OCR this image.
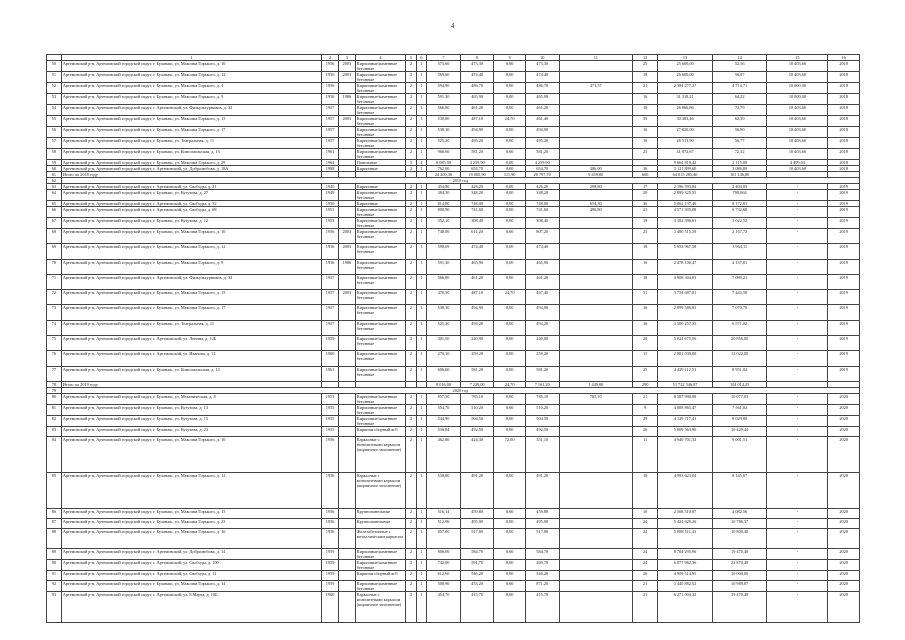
4
	1	2	3	4	5	6	7	8	9	10	11	12	13	14	15	16
50	Артемовский р-н, Артемовский городской округ, г. Буланаш, ул. Максима Горького, д. 10	1956	2003	Кирпичные/каменные бетонные	2	1	575,60	473,30	0,00	473,30		25	25 600,00	52,56	10 403,60	2018
51	Артемовский р-н, Артемовский городской округ, г. Буланаш, ул. Максима Горького, д. 12	1956	2003	Кирпичные/каменные бетонные	2	1	569,60	474,40	0,00	474,40		18	26 600,00	56,07	10 403,60	2018
52	Артемовский р-н, Артемовский городской округ, г. Буланаш, ул. Максима Горького, д. 4	1956		Кирпичные/каменные бетонные	2	1	594,90	486,70	0,00	486,70	471,57	21	2 384 277,27	4 714,71	10 000,00	2018
53	Артемовский р-н, Артемовский городской округ, г. Буланаш, ул. Максима Горького, д. 9	1956	1986	Кирпичные/каменные бетонные	2	1	591,30	465,90	0,00	465,90		16	31 318,21	64,22	10 000,00	2018
54	Артемовский р-н, Артемовский городской округ, г. Артемовский, ул. Физкультурников, д. 32	1957		Кирпичные/каменные бетонные	2	1	566,80	461,20	0,00	461,20		18	26 866,86	72,79	10 403,60	2018
55	Артемовский р-н, Артемовский городской округ, г. Буланаш, ул. Максима Горького, д. 15	1957	2003	Кирпичные/каменные бетонные	2	1	530,00	487,10	24,70	461,40		35	30 383,46	62,39	10 403,60	2018
56	Артемовский р-н, Артемовский городской округ, г. Буланаш, ул. Максима Горького, д. 17	1957		Кирпичные/каменные бетонные	2	1	538,10	494,90	0,00	494,90		16	27 820,00	56,90	10 403,60	2018
57	Артемовский р-н, Артемовский городской округ, г. Буланаш, ул. Театральная, д. 11	1957		Кирпичные/каменные бетонные	2	1	525,20	495,20	0,00	495,20		16	26 513,90	56,77	10 403,60	2018
58	Артемовский р-н, Артемовский городской округ, г. Буланаш, ул. Комсомольская, д. 13	1961		Кирпичные/каменные бетонные	2	1	966,60	581,20	0,00	581,20		25	41 872,67	72,32	10 403,60	2018
59	Артемовский р-н, Артемовский городской округ, г. Буланаш, ул. Максима Горького, д. 29	1964		Панельные	5	4	6 085,90	4 259,90	0,00	4 259,90			9 664 818,42	2 115,00	4 499,04	2018
60	Артемовский р-н, Артемовский городской округ, г. Артемовский, ул. Добролюбова, д. 18А	1988		Кирпичные	2	1	762,00	654,70	0,00	654,70	386,00	36	3 121 899,60	3 086,09	10 403,60	2018
61	Итого по 2018 году						24 200,30	19 000,90	111,90	20 797,70	9 459,00	606	64 015 285,40	101 146,00		
62	2019 год															
63	Артемовский р-н, Артемовский городской округ, г. Артемовский, ул. Свободы, д. 21	1945		Кирпичные	2	1	454,80	426,20	0,00	426,20	298,80	17	2 196 593,84	2 404,05	-	2019
64	Артемовский р-н, Артемовский городской округ, г. Буланаш, ул. Кутузова, д. 27	1949		Кирпичные/каменные бетонные	2	1	384,30	348,20	0,00	348,20		20	2 899 325,55	798,064	-	2019
65	Артемовский р-н, Артемовский городской округ, г. Артемовский, ул. Свободы, д. 52	1950		Кирпичные	2	1	814,80	748,00	0,00	748,00	654,30	36	5 062 137,40	8 172,01	-	2019
66	Артемовский р-н, Артемовский городской округ, г. Артемовский, ул. Свободы, д. 68	1951		Кирпичные/каменные бетонные	2	1	800,90	741,60	0,00	741,60	496,80	41	4 571 305,08	6 732,68	-	2019
67	Артемовский р-н, Артемовский городской округ, г. Буланаш, ул. Кутузова, д. 12	1953		Кирпичные/каменные бетонные	2	1	352,10	308,40	0,00	308,40		19	3 182 396,61	3 022,52	-	2019
68	Артемовский р-н, Артемовский городской округ, г. Буланаш, ул. Максима Горького, д. 10	1956	2003	Кирпичные/каменные бетонные	2	1	748,00	611,20	0,00	807,20		25	3 480 515,59	2 167,72	-	2019
69	Артемовский р-н, Артемовский городской округ, г. Буланаш, ул. Максима Горького, д. 12	1956	2003	Кирпичные/каменные бетонные	2	1	598,09	474,40	0,00	474,40		18	5 953 967,58	3 964,11	-	2019
70	Артемовский р-н, Артемовский городской округ, г. Буланаш, ул. Максима Горького, д. 9	1956	1986	Кирпичные/каменные бетонные	2	1	591,30	465,90	0,00	465,90		16	2 478 100,47	4 137,81	-	2019
71	Артемовский р-н, Артемовский городской округ, г. Артемовский, ул. Физкультурников, д. 32	1957		Кирпичные/каменные бетонные	2	1	566,80	461,20	0,00	461,20		18	3 908 304,03	7 089,21	-	2019
72	Артемовский р-н, Артемовский городской округ, г. Буланаш, ул. Максима Горького, д. 15	1957	2003	Кирпичные/каменные бетонные	2	1	470,50	487,10	24,70	467,40		31	3 754 687,81	7 443,50	-	2019
73	Артемовский р-н, Артемовский городской округ, г. Буланаш, ул. Максима Горького, д. 17	1957		Кирпичные/каменные бетонные	2	1	538,10	494,90	0,00	494,90		16	2 899 586,01	7 070,70	-	2019
74	Артемовский р-н, Артемовский городской округ, г. Буланаш, ул. Театральная, д. 11	1957		Кирпичные/каменные бетонные	2	1	525,20	494,20	0,00	494,20		16	3 500 257,55	6 571,02	-	2019
75	Артемовский р-н, Артемовский городской округ, г. Артемовский, ул. Ленина, д. 12Б	1959		Кирпичные/каменные бетонные	2	1	301,50	240,90	0,00	240,90		20	5 024 675,56	20 856,00	-	2019
76	Артемовский р-н, Артемовский городской округ, г. Артемовский, ул. Иванова, д. 12	1960		Кирпичные/каменные бетонные	2	1	270,10	259,20	0,00	259,20		11	2 881 039,00	12 022,00	-	2019
77	Артемовский р-н, Артемовский городской округ, г. Буланаш, ул. Комсомольская, д. 13	1961		Кирпичные/каменные бетонные	2	1	606,60	581,20	0,00	581,20		25	4 429 112,51	8 951,04	-	2019
78	Итого по 2019 году						8 016,00	7 229,00	24,70	7 161,20	1 449,80	290	51 722 346,87	104 014,25		
79	2020 год															
80	Артемовский р-н, Артемовский городской округ, г. Буланаш, ул. Механическая, д. 8	1951		Кирпичные/каменные бетонные	2	1	857,50	785,10	0,00	785,10	785,10	21	8 587 990,08	10 077,03	-	2020
81	Артемовский р-н, Артемовский городской округ, г. Буланаш, ул. Кутузова, д. 13	1955		Кирпичные/каменные бетонные	2	1	554,70	510,20	0,00	510,20		9	4 008 865,47	7 561,02	-	2020
82	Артемовский р-н, Артемовский городской округ, г. Буланаш, ул. Кутузова, д. 15	1955		Кирпичные/каменные бетонные	2	1	544,90	504,50	0,00	504,50		29	4 129 717,41	8 029,00	-	2020
83	Артемовский р-н, Артемовский городской округ, г. Буланаш, ул. Кутузова, д. 23	1955		Кирпичи сборный ж/б	2	1	536,84	492,50	0,00	492,50		26	5 009 563,90	10 429,44	-	2020
84	Артемовский р-н, Артемовский городской округ, г. Буланаш, ул. Максима Горького, д. 10	1956		Каркасные с монолитными каркасом (кирпичное заполнение)	2	1	462,80	424,30	72,00	351,10		11	4 940 701,52	9 001,51	-	2020
85	Артемовский р-н, Артемовский городской округ, г. Буланаш, ул. Максима Горького, д. 12	1956		Каркасные с монолитными каркасом (кирпичное заполнение)	2	1	530,00	491,20	0,00	491,20		18	4 993 623,04	8 145,67	-	2020
86	Артемовский р-н, Артемовский городской округ, г. Буланаш, ул. Максима Горького, д. 15	1956		Крупнопанельные	2	1	516,14	459,80	0,00	459,80		10	2 568 510,07	4 082,56	-	2020
87	Артемовский р-н, Артемовский городской округ, г. Буланаш, ул. Максима Горького, д. 23	1956		Крупнопанельные	2	1	512,96	495,90	0,00	495,90		24	5 424 629,26	10 786,37	-	2020
88	Артемовский р-н, Артемовский городской округ, г. Буланаш, ул. Максима Горького, д. 16	1956		Железобетонные с металлическим каркасом	2	1	857,00	517,80	0,00	517,80		24	5 088 511,43	10 800,48	-	2020
89	Артемовский р-н, Артемовский городской округ, г. Артемовский, ул. Добролюбова, д. 14	1959		Кирпичные/каменные бетонные	2	1	806,00	584,70	0,00	584,70		24	8 704 295,96	19 470,48	-	2020
90	Артемовский р-н, Артемовский городской округ, г. Артемовский, ул. Свободы, д. 100	1959		Кирпичные/каменные бетонные	2	1	742,00	591,70	0,00	269,70		24	6 077 962,36	22 870,48	-	2020
91	Артемовский р-н, Артемовский городской округ, г. Артемовский, ул. Свободы, д. 11	1959		Кирпичи сборный ж/б	2	1	612,60	546,20	0,00	546,20		26	4 909 514,95	10 000,00	-	2020
92	Артемовский р-н, Артемовский городской округ, г. Буланаш, ул. Максима Горького, д. 14	1959		Кирпичные/каменные бетонные	2	1	508,90	453,20	0,00	871,20		21	3 440 882,52	10 989,07	-	2020
93	Артемовский р-н, Артемовский городской округ, г. Артемовский, ул. 8 Марта, д. 10Б	1960		Каркасные с монолитными каркасом (кирпичное заполнение)	2	1	454,70	415,70	0,00	415,70		21	6 271 004,32	19 470,48	-	2020
